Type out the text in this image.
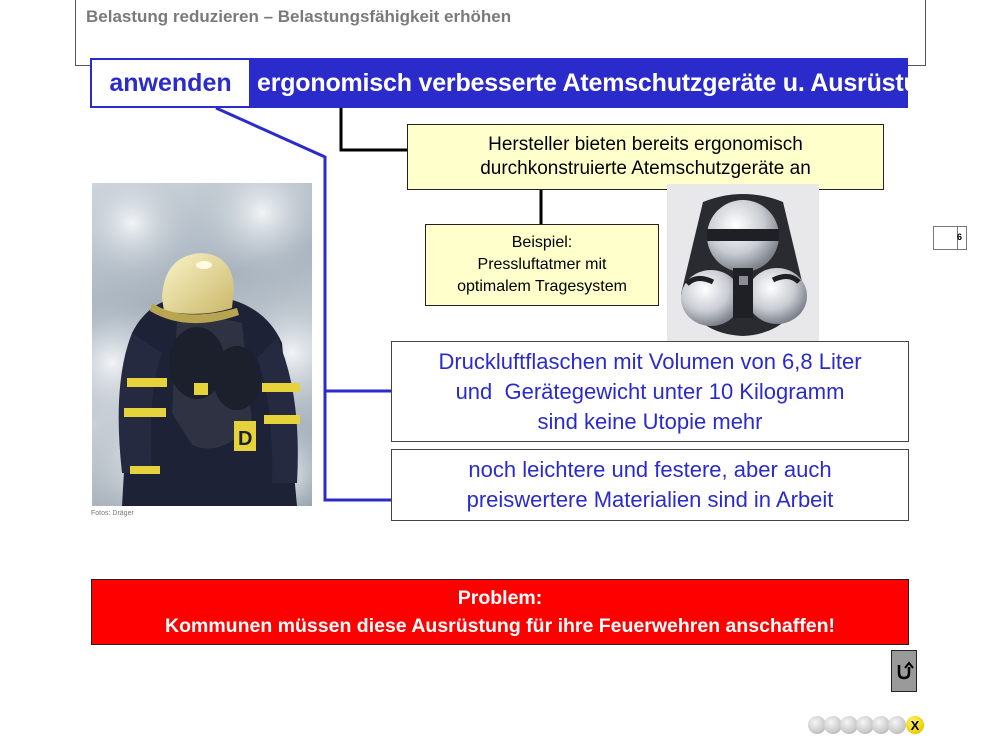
Belastung reduzieren – Belastungsfähigkeit erhöhen
anwenden	ergonomisch verbesserte Atemschutzgeräte u. Ausrüstung
Hersteller bieten bereits ergonomisch
durchkonstruierte Atemschutzgeräte an
Beispiel:
Pressluftatmer mit
optimalem Tragesystem
D
Fotos: Dräger
Druckluftflaschen mit Volumen von 6,8 Liter
und  Gerätegewicht unter 10 Kilogramm
sind keine Utopie mehr
noch leichtere und festere, aber auch
preiswertere Materialien sind in Arbeit
6
Problem:
Kommunen müssen diese Ausrüstung für ihre Feuerwehren anschaffen!
X
